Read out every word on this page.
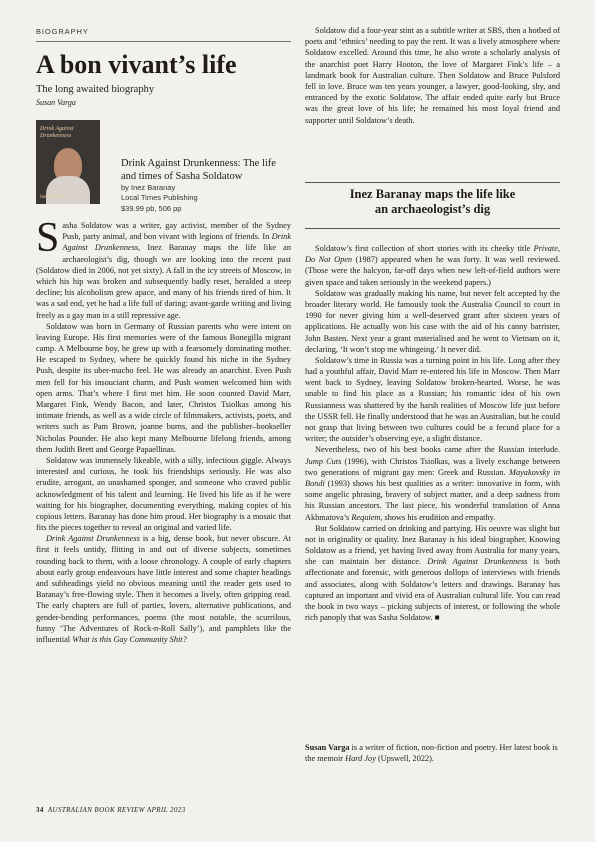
BIOGRAPHY
A bon vivant’s life

The long awaited biography

Susan Varga
Drink Against Drunkenness
Inez Baranay
Drink Against Drunkenness: The life
and times of Sasha Soldatow
by Inez Baranay
Local Times Publishing
$39.99 pb, 506 pp

Sasha Soldatow was a writer, gay activist, member of the Sydney Push, party animal, and bon vivant with legions of friends. In Drink Against Drunkenness, Inez Baranay maps the life like an archaeologist’s dig, though we are looking into the recent past (Soldatow died in 2006, not yet sixty). A fall in the icy streets of Moscow, in which his hip was broken and subsequently badly reset, heralded a steep decline; his alcoholism grew apace, and many of his friends tired of him. It was a sad end, yet he had a life full of daring: avant-garde writing and living freely as a gay man in a still repressive age.

Soldatow was born in Germany of Russian parents who were intent on leaving Europe. His first memories were of the famous Bonegilla migrant camp. A Melbourne boy, he grew up with a fearsomely dominating mother. He escaped to Sydney, where he quickly found his niche in the Sydney Push, despite its uber-macho feel. He was already an anarchist. Even Push men fell for his insouciant charm, and Push women welcomed him with open arms. That’s where I first met him. He soon counted David Marr, Margaret Fink, Wendy Bacon, and later, Christos Tsiolkas among his intimate friends, as well as a wide circle of filmmakers, activists, poets, and writers such as Pam Brown, joanne burns, and the publisher–bookseller Nicholas Pounder. He also kept many Melbourne lifelong friends, among them Judith Brett and George Papaellinas.

Soldatow was immensely likeable, with a silly, infectious giggle. Always interested and curious, he took his friendships seriously. He was also erudite, arrogant, an unashamed sponger, and someone who craved public acknowledgment of his talent and learning. He lived his life as if he were waiting for his biographer, documenting everything, making copies of his copious letters. Baranay has done him proud. Her biography is a mosaic that fits the pieces together to reveal an original and varied life.

Drink Against Drunkenness is a big, dense book, but never obscure. At first it feels untidy, flitting in and out of diverse subjects, sometimes rounding back to them, with a loose chronology. A couple of early chapters about early group endeavours have little interest and some chapter headings and subheadings yield no obvious meaning until the reader gets used to Baranay’s free-flowing style. Then it becomes a lively, often gripping read. The early chapters are full of parties, lovers, alternative publications, and gender-bending performances, poems (the most notable, the scurrilous, funny ‘The Adventures of Rock-n-Roll Sally’), and pamphlets like the influential What is this Gay Community Shit?

Soldatow did a four-year stint as a subtitle writer at SBS, then a hotbed of poets and ‘ethnics’ needing to pay the rent. It was a lively atmosphere where Soldatow excelled. Around this time, he also wrote a scholarly analysis of the anarchist poet Harry Hooton, the love of Margaret Fink’s life – a landmark book for Australian culture. Then Soldatow and Bruce Pulsford fell in love. Bruce was ten years younger, a lawyer, good-looking, shy, and entranced by the exotic Soldatow. The affair ended quite early but Bruce was the great love of his life; he remained his most loyal friend and supporter until Soldatow’s death.

Inez Baranay maps the life like
an archaeologist’s dig

Soldatow’s first collection of short stories with its cheeky title Private, Do Not Open (1987) appeared when he was forty. It was well reviewed. (Those were the halcyon, far-off days when new left-of-field authors were given space and taken seriously in the weekend papers.)

Soldatow was gradually making his name, but never felt accepted by the broader literary world. He famously took the Australia Council to court in 1990 for never giving him a well-deserved grant after sixteen years of applications. He actually won his case with the aid of his canny barrister, John Basten. Next year a grant materialised and he went to Vietnam on it, declaring, ‘It won’t stop me whingeing.’ It never did.

Soldatow’s time in Russia was a turning point in his life. Long after they had a youthful affair, David Marr re-entered his life in Moscow. Then Marr went back to Sydney, leaving Soldatow broken-hearted. Worse, he was unable to find his place as a Russian; his romantic idea of his own Russianness was shattered by the harsh realities of Moscow life just before the USSR fell. He finally understood that he was an Australian, but he could not grasp that living between two cultures could be a fecund place for a writer; the outsider’s observing eye, a slight distance.

Nevertheless, two of his best books came after the Russian interlude. Jump Cuts (1996), with Christos Tsiolkas, was a lively exchange between two generations of migrant gay men: Greek and Russian. Mayakovsky in Bondi (1993) shows his best qualities as a writer: innovative in form, with some angelic phrasing, bravery of subject matter, and a deep sadness from his Russian ancestors. The last piece, his wonderful translation of Anna Akhmatova’s Requiem, shows his erudition and empathy.

But Soldatow carried on drinking and partying. His oeuvre was slight but not in originality or quality. Inez Baranay is his ideal biographer. Knowing Soldatow as a friend, yet having lived away from Australia for many years, she can maintain her distance. Drink Against Drunkenness is both affectionate and forensic, with generous dollops of interviews with friends and associates, along with Soldatow’s letters and drawings. Baranay has captured an important and vivid era of Australian cultural life. You can read the book in two ways – picking subjects of interest, or following the whole rich panoply that was Sasha Soldatow. ■

Susan Varga is a writer of fiction, non-fiction and poetry. Her latest book is the memoir Hard Joy (Upswell, 2022).
34 AUSTRALIAN BOOK REVIEW APRIL 2023
